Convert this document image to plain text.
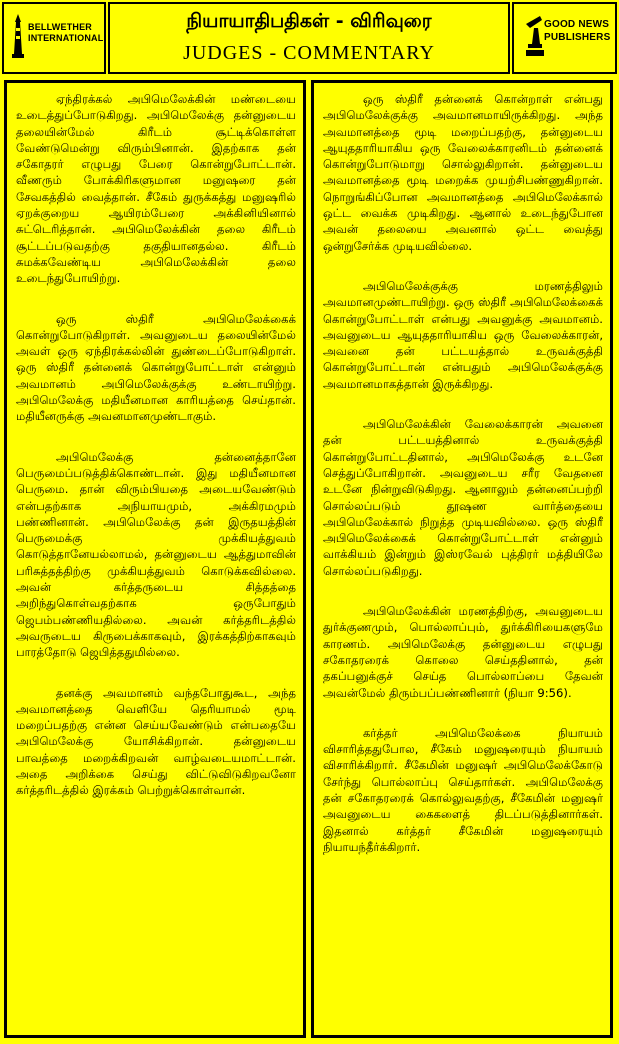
BELLWETHER INTERNATIONAL
நியாயாதிபதிகள் - விரிவுரை
JUDGES - COMMENTARY
GOOD NEWS PUBLISHERS

ஏந்திரக்கல் அபிமெலேக்கின் மண்டையை உடைத்துப்போடுகிறது. அபிமெலேக்கு தன்னுடைய தலையின்மேல் கிரீடம் சூட்டிக்கொள்ள வேண்டுமென்று விரும்பினான். இதற்காக தன் சகோதரர் எழுபது பேரை கொன்றுபோட்டான். வீணரும் போக்கிரிகளுமான மனுஷரை தன் சேவகத்தில் வைத்தான். சீகேம் துருக்கத்து மனுஷரில் ஏறக்குறைய ஆயிரம்பேரை அக்கினியினால் சுட்டெரித்தான். அபிமெலேக்கின் தலை கிரீடம் சூட்டப்படுவதற்கு தகுதியானதல்ல. கிரீடம் சுமக்கவேண்டிய அபிமெலேக்கின் தலை உடைந்துபோயிற்று.

ஒரு ஸ்திரீ அபிமெலேக்கைக் கொன்றுபோடுகிறாள். அவனுடைய தலையின்மேல் அவள் ஒரு ஏந்திரக்கல்லின் துண்டைப்போடுகிறாள். ஒரு ஸ்திரீ தன்னைக் கொன்றுபோட்டாள் என்னும் அவமானம் அபிமெலேக்குக்கு உண்டாயிற்று. அபிமெலேக்கு மதியீனமான காரியத்தை செய்தான். மதியீனருக்கு அவனமானமுண்டாகும்.

அபிமெலேக்கு தன்னைத்தானே பெருமைப்படுத்திக்கொண்டான். இது மதியீனமான பெருமை. தான் விரும்பியதை அடையவேண்டும் என்பதற்காக அநியாயமும், அக்கிரமமும் பண்ணினான். அபிமெலேக்கு தன் இருதயத்தின் பெருமைக்கு முக்கியத்துவம் கொடுத்தானேயல்லாமல், தன்னுடைய ஆத்துமாவின் பரிசுத்தத்திற்கு முக்கியத்துவம் கொடுக்கவில்லை. அவன் கர்த்தருடைய சித்தத்தை அறிந்துகொள்வதற்காக ஒருபோதும் ஜெபம்பண்ணியதில்லை. அவன் கர்த்தரிடத்தில் அவருடைய கிருபைக்காகவும், இரக்கத்திற்காகவும் பாரத்தோடு ஜெபித்ததுமில்லை.

தனக்கு அவமானம் வந்தபோதுகூட, அந்த அவமானத்தை வெளியே தெரியாமல் மூடி மறைப்பதற்கு என்ன செய்யவேண்டும் என்பதையே அபிமெலேக்கு யோசிக்கிறான். தன்னுடைய பாவத்தை மறைக்கிறவன் வாழ்வடையமாட்டான். அதை அறிக்கை செய்து விட்டுவிடுகிறவனோ கர்த்தரிடத்தில் இரக்கம் பெற்றுக்கொள்வான்.

ஒரு ஸ்திரீ தன்னைக் கொன்றாள் என்பது அபிமெலேக்குக்கு அவமானமாயிருக்கிறது. அந்த அவமானத்தை மூடி மறைப்பதற்கு, தன்னுடைய ஆயுததாரியாகிய ஒரு வேலைக்காரனிடம் தன்னைக் கொன்றுபோடுமாறு சொல்லுகிறான். தன்னுடைய அவமானத்தை மூடி மறைக்க முயற்சிபண்ணுகிறான். நொறுங்கிப்போன அவமானத்தை அபிமெலேக்கால் ஒட்ட வைக்க முடிகிறது. ஆனால் உடைந்துபோன அவன் தலையை அவனால் ஒட்ட வைத்து ஒன்றுசேர்க்க முடியவில்லை.

அபிமெலேக்குக்கு மரணத்திலும் அவமானமுண்டாயிற்று. ஒரு ஸ்திரீ அபிமெலேக்கைக் கொன்றுபோட்டாள் என்பது அவனுக்கு அவமானம். அவனுடைய ஆயுததாரியாகிய ஒரு வேலைக்காரன், அவனை தன் பட்டயத்தால் உருவக்குத்தி கொன்றுபோட்டான் என்பதும் அபிமெலேக்குக்கு அவமானமாகத்தான் இருக்கிறது.

அபிமெலேக்கின் வேலைக்காரன் அவனை தன் பட்டயத்தினால் உருவக்குத்தி கொன்றுபோட்டதினால், அபிமெலேக்கு உடனே செத்துப்போகிறான். அவனுடைய சரீர வேதனை உடனே நின்றுவிடுகிறது. ஆனாலும் தன்னைப்பற்றி சொல்லப்படும் தூஷண வார்த்தையை அபிமெலேக்கால் நிறுத்த முடியவில்லை. ஒரு ஸ்திரீ அபிமெலேக்கைக் கொன்றுபோட்டாள் என்னும் வாக்கியம் இன்றும் இஸ்ரவேல் புத்திரர் மத்தியிலே சொல்லப்படுகிறது.

அபிமெலேக்கின் மரணத்திற்கு, அவனுடைய துர்க்குணமும், பொல்லாப்பும், துர்க்கிரியைகளுமே காரணம். அபிமெலேக்கு தன்னுடைய எழுபது சகோதரரைக் கொலை செய்ததினால், தன் தகப்பனுக்குச் செய்த பொல்லாப்பை தேவன் அவன்மேல் திரும்பப்பண்ணினார் (நியா 9:56).

கர்த்தர் அபிமெலேக்கை நியாயம் விசாரித்ததுபோல, சீகேம் மனுஷரையும் நியாயம் விசாரிக்கிறார். சீகேமின் மனுஷர் அபிமெலேக்கோடு சேர்ந்து பொல்லாப்பு செய்தார்கள். அபிமெலேக்கு தன் சகோதரரைக் கொல்லுவதற்கு, சீகேமின் மனுஷர் அவனுடைய கைகளைத் திடப்படுத்தினார்கள். இதனால் கர்த்தர் சீகேமின் மனுஷரையும் நியாயந்தீர்க்கிறார்.
